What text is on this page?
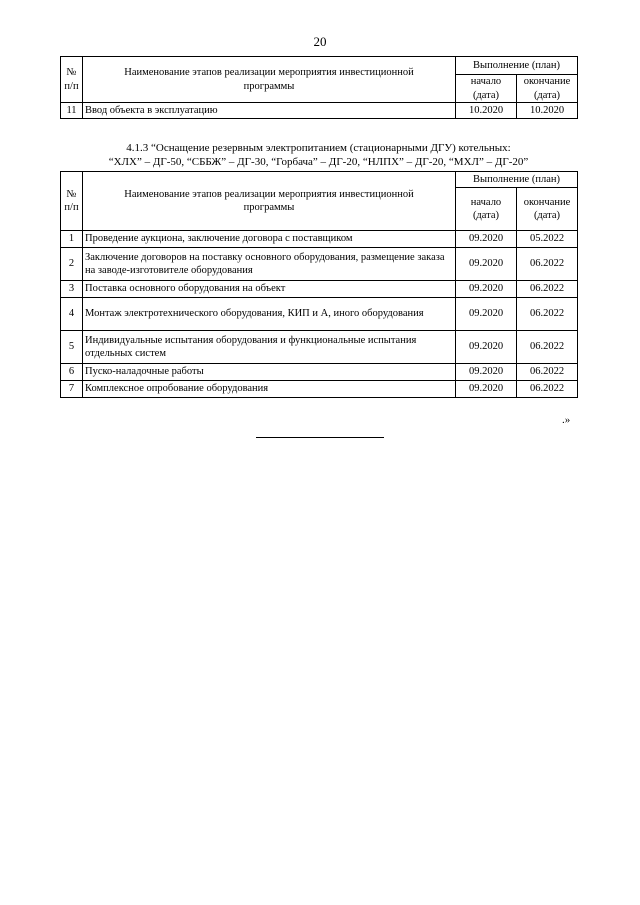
20
№ п/п	Наименование этапов реализации мероприятия инвестиционной программы	Выполнение (план)	
		начало (дата)	окончание (дата)
11	Ввод объекта в эксплуатацию	10.2020	10.2020
4.1.3 “Оснащение резервным электропитанием (стационарными ДГУ) котельных:
“ХЛХ” – ДГ-50, “СББЖ” – ДГ-30, “Горбача” – ДГ-20, “НЛПХ” – ДГ-20, “МХЛ” – ДГ-20”
№ п/п	Наименование этапов реализации мероприятия инвестиционной программы	Выполнение (план)	
		начало (дата)	окончание (дата)
1	Проведение аукциона, заключение договора с поставщиком	09.2020	05.2022
2	Заключение договоров на поставку основного оборудования, размещение заказа на заводе-изготовителе оборудования	09.2020	06.2022
3	Поставка основного оборудования на объект	09.2020	06.2022
4	Монтаж электротехнического оборудования, КИП и А, иного оборудования	09.2020	06.2022
5	Индивидуальные испытания оборудования и функциональные испытания отдельных систем	09.2020	06.2022
6	Пуско-наладочные работы	09.2020	06.2022
7	Комплексное опробование оборудования	09.2020	06.2022
.»
